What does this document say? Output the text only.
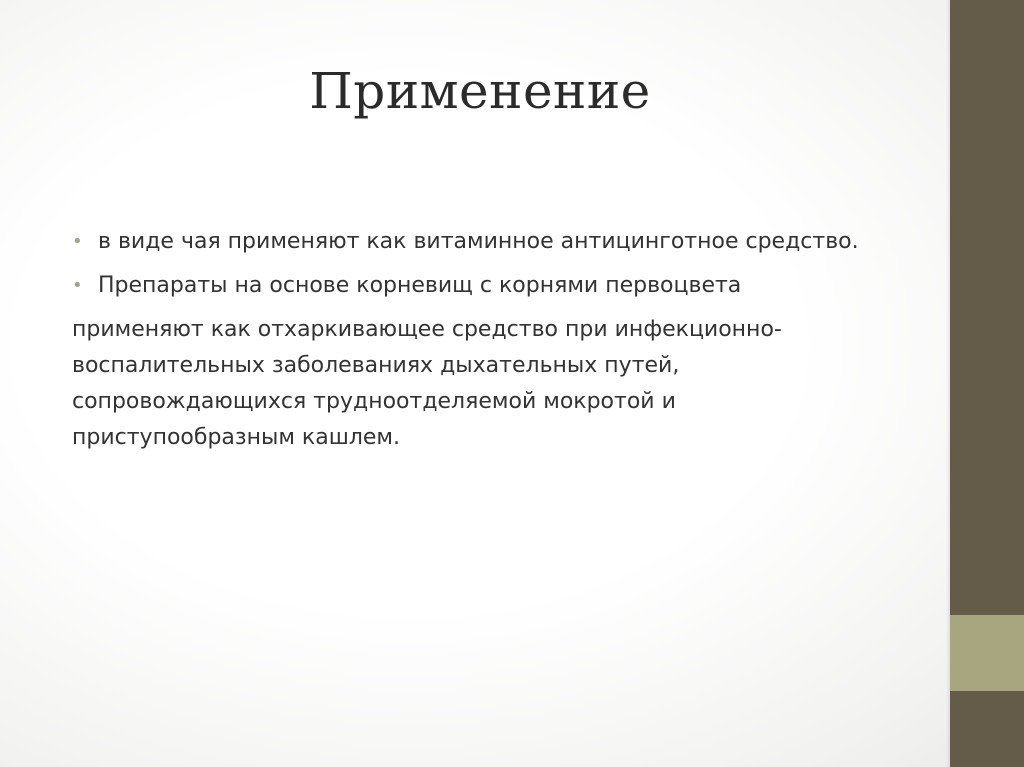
Применение
• в виде чая применяют как витаминное антицинготное средство.
• Препараты на основе корневищ с корнями первоцвета

применяют как отхаркивающее средство при инфекционно-воспалительных заболеваниях дыхательных путей, сопровождающихся трудноотделяемой мокротой и приступообразным кашлем.
